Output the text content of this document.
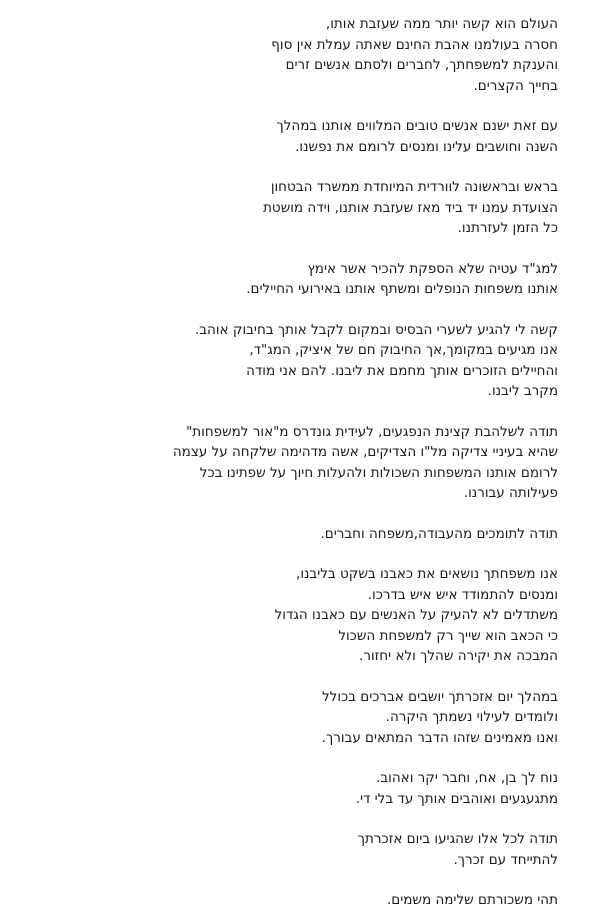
העולם הוא קשה יותר ממה שעזבת אותו,
חסרה בעולמנו אהבת החינם שאתה עמלת אין סוף
והענקת למשפחתך, לחברים ולסתם אנשים זרים
בחייך הקצרים.

עם זאת ישנם אנשים טובים המלווים אותנו במהלך
השנה וחושבים עלינו ומנסים לרומם את נפשנו.

בראש ובראשונה לוורדית המיוחדת ממשרד הבטחון
הצועדת עמנו יד ביד מאז שעזבת אותנו, וידה מושטת
כל הזמן לעזרתנו.

למג"ד עטיה שלא הספקת להכיר אשר אימץ
אותנו משפחות הנופלים ומשתף אותנו באירועי החיילים.

קשה לי להגיע לשערי הבסיס ובמקום לקבל אותך בחיבוק אוהב.
אנו מגיעים במקומך,אך החיבוק חם של איציק, המג"ד,
והחיילים הזוכרים אותך מחמם את ליבנו. להם אני מודה
מקרב ליבנו.

תודה לשלהבת קצינת הנפגעים, לעידית גונדרס מ"אור למשפחות"
שהיא בעיניי צדיקה מל"ו הצדיקים, אשה מדהימה שלקחה על עצמה
לרומם אותנו המשפחות השכולות ולהעלות חיוך על שפתינו בכל
פעילותה עבורנו.

תודה לתומכים מהעבודה,משפחה וחברים.

אנו משפחתך נושאים את כאבנו בשקט בליבנו,
ומנסים להתמודד איש איש בדרכו.
משתדלים לא להעיק על האנשים עם כאבנו הגדול
כי הכאב הוא שייך רק למשפחת השכול
המבכה את יקירה שהלך ולא יחזור.

במהלך יום אזכרתך יושבים אברכים בכולל
ולומדים לעילוי נשמתך היקרה.
ואנו מאמינים שזהו הדבר המתאים עבורך.

נוח לך בן, אח, וחבר יקר ואהוב.
מתגעגעים ואוהבים אותך עד בלי די.

תודה לכל אלו שהגיעו ביום אזכרתך
להתייחד עם זכרך.

תהי משכורתם שלימה משמים.
